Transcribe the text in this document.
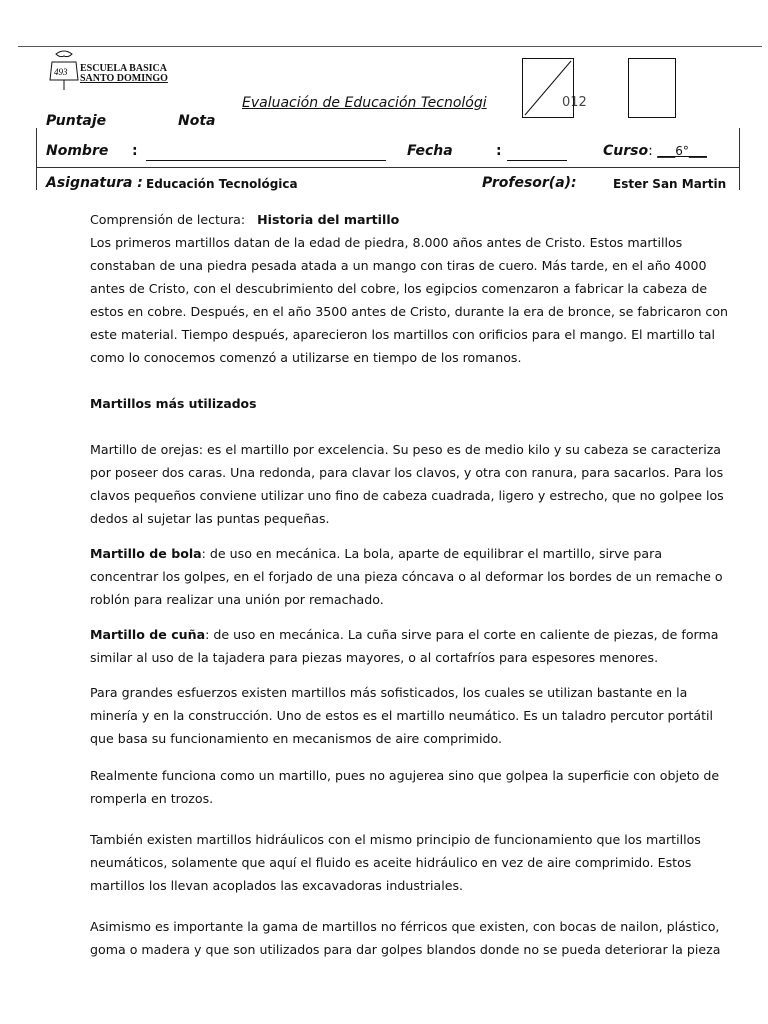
493 ESCUELA BASICA
SANTO DOMINGO
Evaluación de Educación Tecnológi	012
Puntaje	Nota
Nombre :	Fecha	:	Curso: ___6°___
Asignatura : Educación Tecnológica	Profesor(a):	Ester San Martin

Comprensión de lectura: Historia del martillo

Los primeros martillos datan de la edad de piedra, 8.000 años antes de Cristo. Estos martillos constaban de una piedra pesada atada a un mango con tiras de cuero. Más tarde, en el año 4000 antes de Cristo, con el descubrimiento del cobre, los egipcios comenzaron a fabricar la cabeza de estos en cobre. Después, en el año 3500 antes de Cristo, durante la era de bronce, se fabricaron con este material. Tiempo después, aparecieron los martillos con orificios para el mango. El martillo tal como lo conocemos comenzó a utilizarse en tiempo de los romanos.

Martillos más utilizados

Martillo de orejas: es el martillo por excelencia. Su peso es de medio kilo y su cabeza se caracteriza por poseer dos caras. Una redonda, para clavar los clavos, y otra con ranura, para sacarlos. Para los clavos pequeños conviene utilizar uno fino de cabeza cuadrada, ligero y estrecho, que no golpee los dedos al sujetar las puntas pequeñas.

Martillo de bola: de uso en mecánica. La bola, aparte de equilibrar el martillo, sirve para concentrar los golpes, en el forjado de una pieza cóncava o al deformar los bordes de un remache o roblón para realizar una unión por remachado.

Martillo de cuña: de uso en mecánica. La cuña sirve para el corte en caliente de piezas, de forma similar al uso de la tajadera para piezas mayores, o al cortafríos para espesores menores.

Para grandes esfuerzos existen martillos más sofisticados, los cuales se utilizan bastante en la minería y en la construcción. Uno de estos es el martillo neumático. Es un taladro percutor portátil que basa su funcionamiento en mecanismos de aire comprimido.

Realmente funciona como un martillo, pues no agujerea sino que golpea la superficie con objeto de romperla en trozos.

También existen martillos hidráulicos con el mismo principio de funcionamiento que los martillos neumáticos, solamente que aquí el fluido es aceite hidráulico en vez de aire comprimido. Estos martillos los llevan acoplados las excavadoras industriales.

Asimismo es importante la gama de martillos no férricos que existen, con bocas de nailon, plástico, goma o madera y que son utilizados para dar golpes blandos donde no se pueda deteriorar la pieza
